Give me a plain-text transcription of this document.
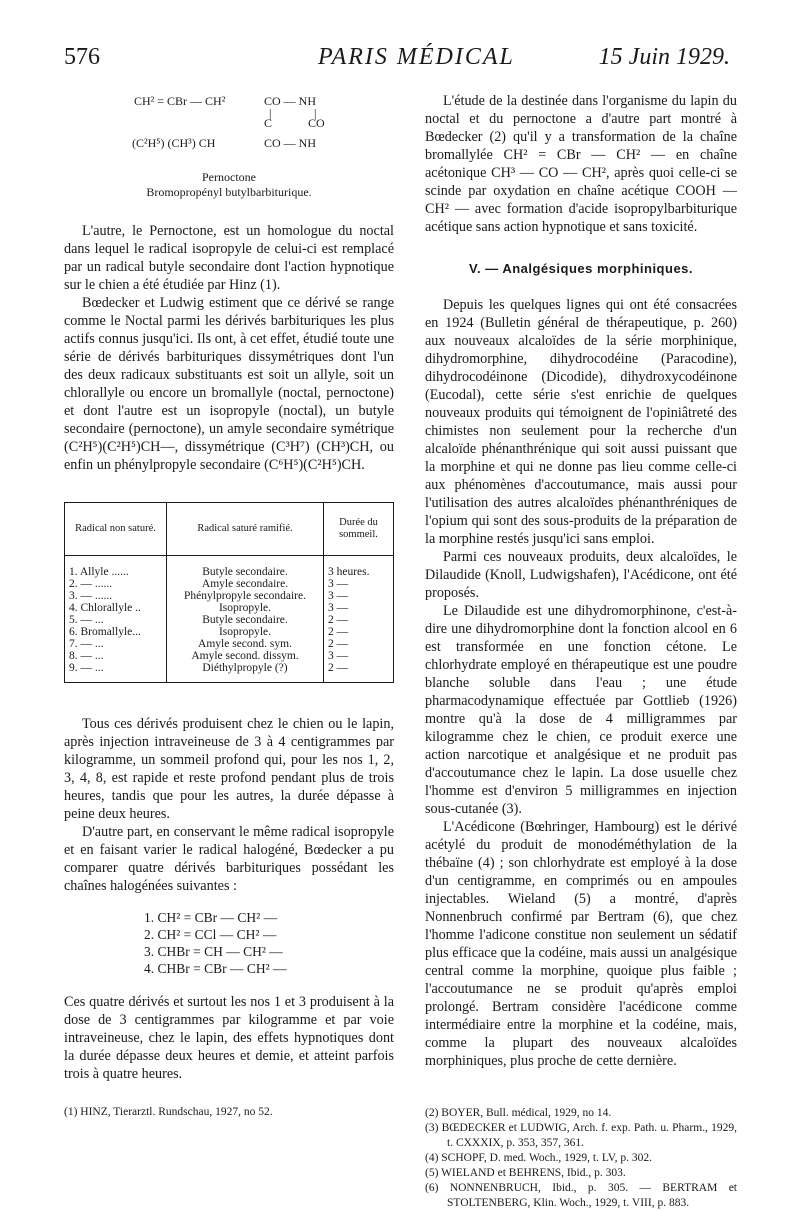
576	PARIS MÉDICAL	15 Juin 1929.
CH² = CBr — CH²	CO — NH
|	|
C	CO
(C²H⁵) (CH³) CH	CO — NH
Pernoctone
Bromopropényl butylbarbiturique.

L'autre, le Pernoctone, est un homologue du noctal dans lequel le radical isopropyle de celui-ci est remplacé par un radical butyle secondaire dont l'action hypnotique sur le chien a été étudiée par Hinz (1).

Bœdecker et Ludwig estiment que ce dérivé se range comme le Noctal parmi les dérivés barbituriques les plus actifs connus jusqu'ici. Ils ont, à cet effet, étudié toute une série de dérivés barbituriques dissymétriques dont l'un des deux radicaux substituants est soit un allyle, soit un chlorallyle ou encore un bromallyle (noctal, pernoctone) et dont l'autre est un isopropyle (noctal), un butyle secondaire (pernoctone), un amyle secondaire symétrique (C²H⁵)(C²H⁵)CH—, dissymétrique (C³H⁷) (CH³)CH, ou enfin un phénylpropyle secondaire (C⁶H⁵)(C²H⁵)CH.

Radical non saturé.	Radical saturé ramifié.	Durée du sommeil.

1. Allyle ......	Butyle secondaire.	3 heures.
2. — ......	Amyle secondaire.	3 —
3. — ......	Phénylpropyle secondaire.	3 —
4. Chlorallyle ..	Isopropyle.	3 —
5. — ...	Butyle secondaire.	2 —
6. Bromallyle...	Isopropyle.	2 —
7. — ...	Amyle second. sym.	2 —
8. — ...	Amyle second. dissym.	3 —
9. — ...	Diéthylpropyle (?)	2 —

Tous ces dérivés produisent chez le chien ou le lapin, après injection intraveineuse de 3 à 4 centigrammes par kilogramme, un sommeil profond qui, pour les nos 1, 2, 3, 4, 8, est rapide et reste profond pendant plus de trois heures, tandis que pour les autres, la durée dépasse à peine deux heures.

D'autre part, en conservant le même radical isopropyle et en faisant varier le radical halogéné, Bœdecker a pu comparer quatre dérivés barbituriques possédant les chaînes halogénées suivantes :

1. CH² = CBr — CH² —
2. CH² = CCl — CH² —
3. CHBr = CH — CH² —
4. CHBr = CBr — CH² —

Ces quatre dérivés et surtout les nos 1 et 3 produisent à la dose de 3 centigrammes par kilogramme et par voie intraveineuse, chez le lapin, des effets hypnotiques dont la durée dépasse deux heures et demie, et atteint parfois trois à quatre heures.

(1) HINZ, Tierarztl. Rundschau, 1927, no 52.

L'étude de la destinée dans l'organisme du lapin du noctal et du pernoctone a d'autre part montré à Bœdecker (2) qu'il y a transformation de la chaîne bromallylée CH² = CBr — CH² — en chaîne acétonique CH³ — CO — CH², après quoi celle-ci se scinde par oxydation en chaîne acétique COOH — CH² — avec formation d'acide isopropylbarbiturique acétique sans action hypnotique et sans toxicité.

V. — Analgésiques morphiniques.

Depuis les quelques lignes qui ont été consacrées en 1924 (Bulletin général de thérapeutique, p. 260) aux nouveaux alcaloïdes de la série morphinique, dihydromorphine, dihydrocodéine (Paracodine), dihydrocodéinone (Dicodide), dihydroxycodéinone (Eucodal), cette série s'est enrichie de quelques nouveaux produits qui témoignent de l'opiniâtreté des chimistes non seulement pour la recherche d'un alcaloïde phénanthrénique qui soit aussi puissant que la morphine et qui ne donne pas lieu comme celle-ci aux phénomènes d'accoutumance, mais aussi pour l'utilisation des autres alcaloïdes phénanthréniques de l'opium qui sont des sous-produits de la préparation de la morphine restés jusqu'ici sans emploi.

Parmi ces nouveaux produits, deux alcaloïdes, le Dilaudide (Knoll, Ludwigshafen), l'Acédicone, ont été proposés.

Le Dilaudide est une dihydromorphinone, c'est-à-dire une dihydromorphine dont la fonction alcool en 6 est transformée en une fonction cétone. Le chlorhydrate employé en thérapeutique est une poudre blanche soluble dans l'eau ; une étude pharmacodynamique effectuée par Gottlieb (1926) montre qu'à la dose de 4 milligrammes par kilogramme chez le chien, ce produit exerce une action narcotique et analgésique et ne produit pas d'accoutumance chez le lapin. La dose usuelle chez l'homme est d'environ 5 milligrammes en injection sous-cutanée (3).

L'Acédicone (Bœhringer, Hambourg) est le dérivé acétylé du produit de monodéméthylation de la thébaïne (4) ; son chlorhydrate est employé à la dose d'un centigramme, en comprimés ou en ampoules injectables. Wieland (5) a montré, d'après Nonnenbruch confirmé par Bertram (6), que chez l'homme l'adicone constitue non seulement un sédatif plus efficace que la codéine, mais aussi un analgésique central comme la morphine, quoique plus faible ; l'accoutumance ne se produit qu'après emploi prolongé. Bertram considère l'acédicone comme intermédiaire entre la morphine et la codéine, mais, comme la plupart des nouveaux alcaloïdes morphiniques, plus proche de cette dernière.

(2) BOYER, Bull. médical, 1929, no 14.
(3) BŒDECKER et LUDWIG, Arch. f. exp. Path. u. Pharm., 1929, t. CXXXIX, p. 353, 357, 361.
(4) SCHOPF, D. med. Woch., 1929, t. LV, p. 302.
(5) WIELAND et BEHRENS, Ibid., p. 303.
(6) NONNENBRUCH, Ibid., p. 305. — BERTRAM et STOLTENBERG, Klin. Woch., 1929, t. VIII, p. 883.
